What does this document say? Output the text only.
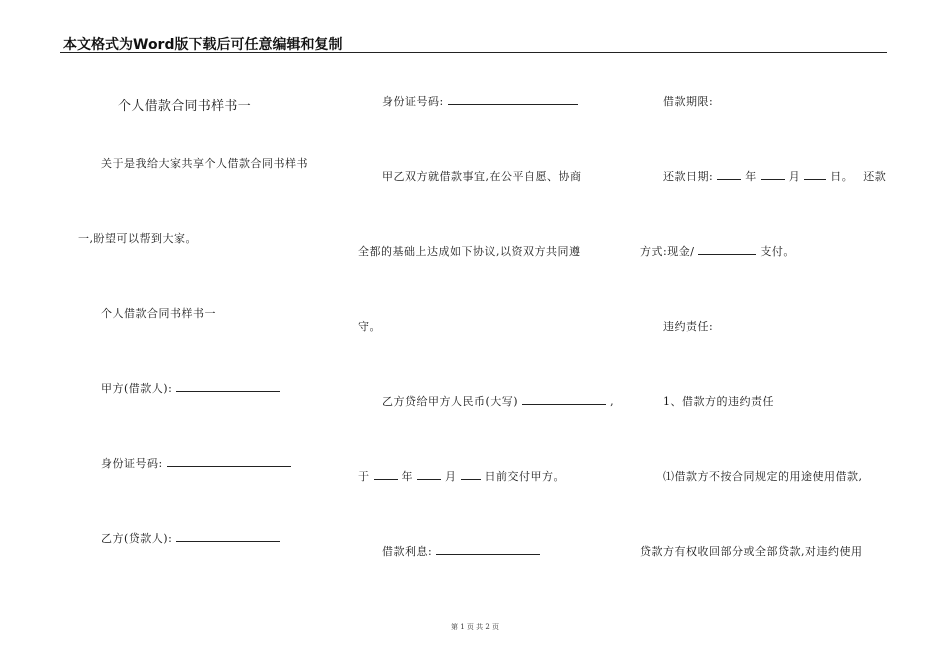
本文格式为Word版下载后可任意编辑和复制
个人借款合同书样书一
关于是我给大家共享个人借款合同书样书
一,盼望可以帮到大家。
个人借款合同书样书一
甲方(借款人):
身份证号码:
乙方(贷款人):
身份证号码:
甲乙双方就借款事宜,在公平自愿、协商
全都的基础上达成如下协议,以资双方共同遵
守。
乙方贷给甲方人民币(大写)	,
于	年	月	日前交付甲方。
借款利息:
借款期限:
还款日期:	年	月	日。 还款
方式:现金/	支付。
违约责任:
1、借款方的违约责任
⑴借款方不按合同规定的用途使用借款,
贷款方有权收回部分或全部贷款,对违约使用
第 1 页 共 2 页
